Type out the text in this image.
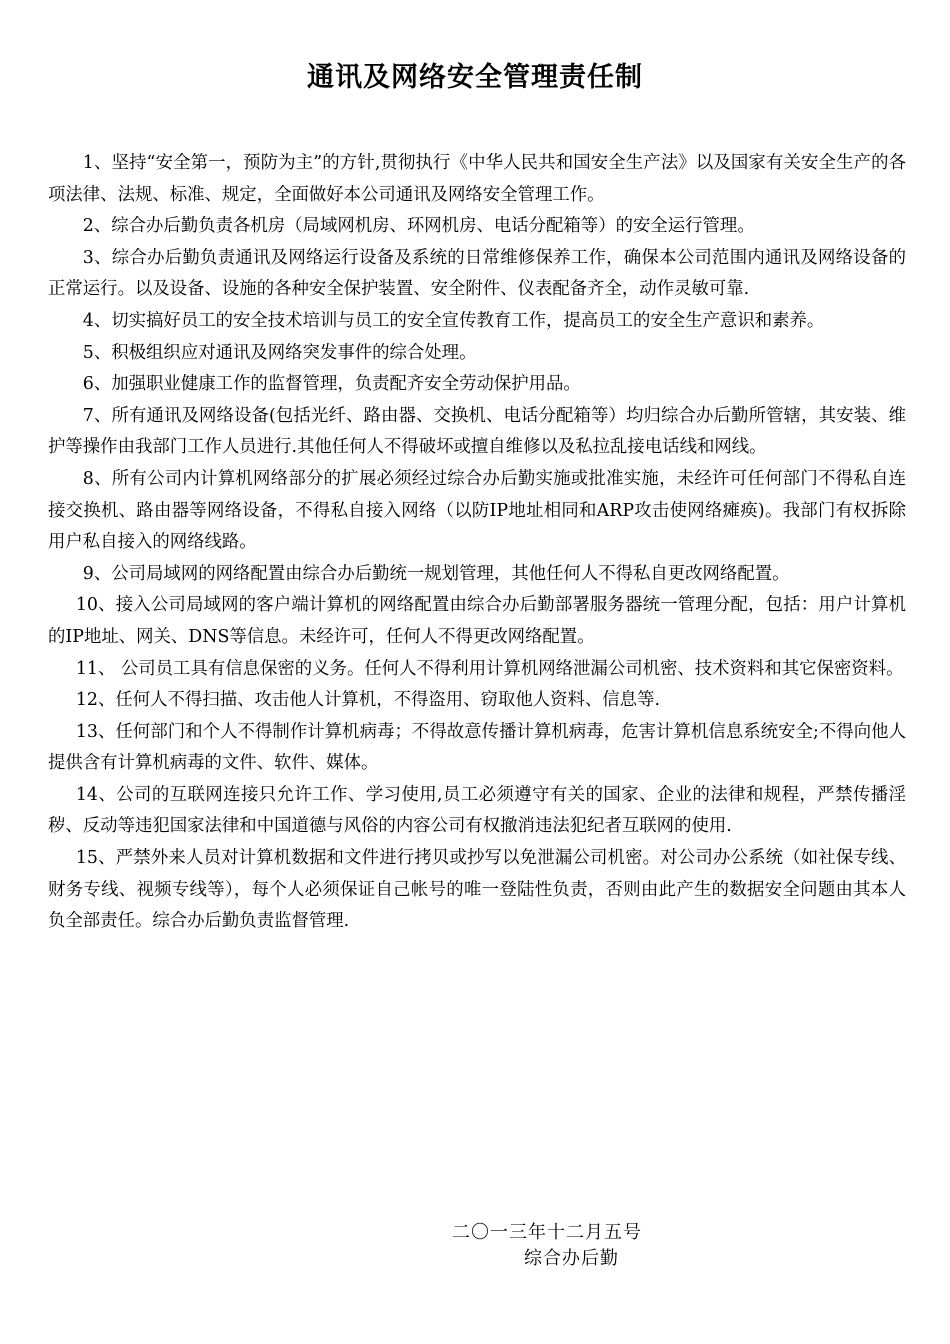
通讯及网络安全管理责任制

1、坚持“安全第一，预防为主”的方针,贯彻执行《中华人民共和国安全生产法》以及国家有关安全生产的各项法律、法规、标准、规定，全面做好本公司通讯及网络安全管理工作。

2、综合办后勤负责各机房（局域网机房、环网机房、电话分配箱等）的安全运行管理。

3、综合办后勤负责通讯及网络运行设备及系统的日常维修保养工作，确保本公司范围内通讯及网络设备的正常运行。以及设备、设施的各种安全保护装置、安全附件、仪表配备齐全，动作灵敏可靠.

4、切实搞好员工的安全技术培训与员工的安全宣传教育工作，提高员工的安全生产意识和素养。

5、积极组织应对通讯及网络突发事件的综合处理。

6、加强职业健康工作的监督管理，负责配齐安全劳动保护用品。

7、所有通讯及网络设备(包括光纤、路由器、交换机、电话分配箱等）均归综合办后勤所管辖，其安装、维护等操作由我部门工作人员进行.其他任何人不得破坏或擅自维修以及私拉乱接电话线和网线。

8、所有公司内计算机网络部分的扩展必须经过综合办后勤实施或批准实施，未经许可任何部门不得私自连接交换机、路由器等网络设备，不得私自接入网络（以防IP地址相同和ARP攻击使网络瘫痪)。我部门有权拆除用户私自接入的网络线路。

9、公司局域网的网络配置由综合办后勤统一规划管理，其他任何人不得私自更改网络配置。

10、接入公司局域网的客户端计算机的网络配置由综合办后勤部署服务器统一管理分配，包括：用户计算机的IP地址、网关、DNS等信息。未经许可，任何人不得更改网络配置。

11、 公司员工具有信息保密的义务。任何人不得利用计算机网络泄漏公司机密、技术资料和其它保密资料。

12、任何人不得扫描、攻击他人计算机，不得盗用、窃取他人资料、信息等.

13、任何部门和个人不得制作计算机病毒；不得故意传播计算机病毒，危害计算机信息系统安全;不得向他人提供含有计算机病毒的文件、软件、媒体。

14、公司的互联网连接只允许工作、学习使用,员工必须遵守有关的国家、企业的法律和规程，严禁传播淫秽、反动等违犯国家法律和中国道德与风俗的内容公司有权撤消违法犯纪者互联网的使用.

15、严禁外来人员对计算机数据和文件进行拷贝或抄写以免泄漏公司机密。对公司办公系统（如社保专线、财务专线、视频专线等），每个人必须保证自己帐号的唯一登陆性负责，否则由此产生的数据安全问题由其本人负全部责任。综合办后勤负责监督管理.

二〇一三年十二月五号

综合办后勤
